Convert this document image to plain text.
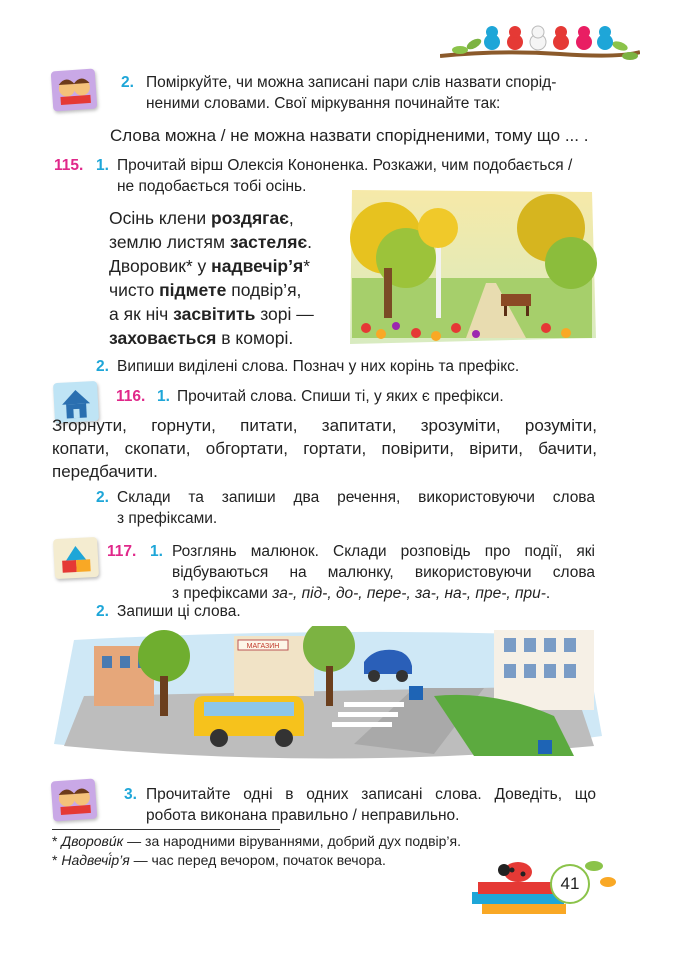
2. Поміркуйте, чи можна записані пари слів назвати спорід-
неними словами. Свої міркування починайте так:
Слова можна / не можна назвати спорідненими, тому що ... .
115. 1. Прочитай вірш Олексія Кононенка. Розкажи, чим подобається /
не подобається тобі осінь.
Осінь клени роздягає,
землю листям застеляє.
Дворовик* у надвечір’я*
чисто підмете подвір’я,
а як ніч засвітить зорі —
заховається в коморі.
2. Випиши виділені слова. Познач у них корінь та префікс.
116. 1. Прочитай слова. Спиши ті, у яких є префікси.
Згорнути, горнути, питати, запитати, зрозуміти, розуміти,
копати, скопати, обгортати, гортати, повірити, вірити, бачити,
передбачити.
2. Склади та запиши два речення, використовуючи слова
з префіксами.
117. 1. Розглянь малюнок. Склади розповідь про події, які
відбуваються на малюнку, використовуючи слова
з префіксами за-, під-, до-, пере-, за-, на-, пре-, при-.
2. Запиши ці слова.
МАГАЗИН
3. Прочитайте одні в одних записані слова. Доведіть, що
робота виконана правильно / неправильно.
* Дворови́к — за народними віруваннями, добрий дух подвір’я.
* Надвечі́р’я — час перед вечором, початок вечора.
41
